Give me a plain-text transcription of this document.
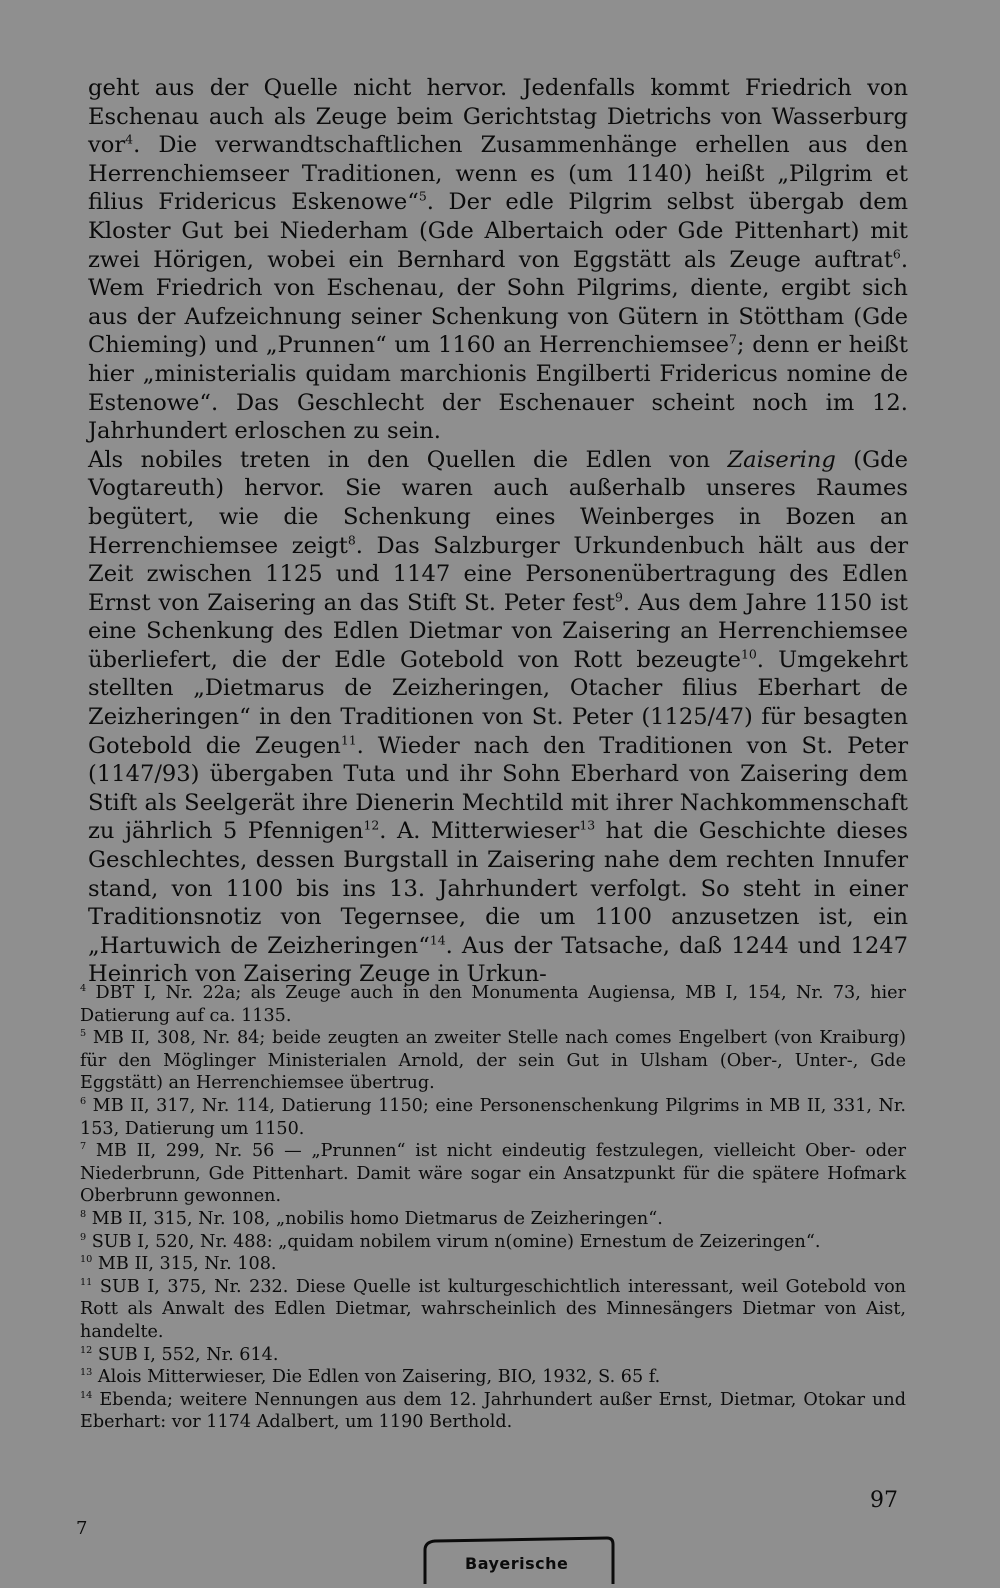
geht aus der Quelle nicht hervor. Jedenfalls kommt Friedrich von Eschenau auch als Zeuge beim Gerichtstag Dietrichs von Wasserburg vor$^4$. Die verwandtschaftlichen Zusammenhänge erhellen aus den Herrenchiemseer Traditionen, wenn es (um 1140) heißt „Pilgrim et filius Fridericus Eskenowe“$^5$. Der edle Pilgrim selbst übergab dem Kloster Gut bei Niederham (Gde Albertaich oder Gde Pittenhart) mit zwei Hörigen, wobei ein Bernhard von Eggstätt als Zeuge auftrat$^6$. Wem Friedrich von Eschenau, der Sohn Pilgrims, diente, ergibt sich aus der Aufzeichnung seiner Schenkung von Gütern in Stöttham (Gde Chieming) und „Prunnen“ um 1160 an Herrenchiemsee$^7$; denn er heißt hier „ministerialis quidam marchionis Engilberti Fridericus nomine de Estenowe“. Das Geschlecht der Eschenauer scheint noch im 12. Jahrhundert erloschen zu sein.

Als nobiles treten in den Quellen die Edlen von Zaisering (Gde Vogtareuth) hervor. Sie waren auch außerhalb unseres Raumes begütert, wie die Schenkung eines Weinberges in Bozen an Herrenchiemsee zeigt$^8$. Das Salzburger Urkundenbuch hält aus der Zeit zwischen 1125 und 1147 eine Personenübertragung des Edlen Ernst von Zaisering an das Stift St. Peter fest$^9$. Aus dem Jahre 1150 ist eine Schenkung des Edlen Dietmar von Zaisering an Herrenchiemsee überliefert, die der Edle Gotebold von Rott bezeugte$^{10}$. Umgekehrt stellten „Dietmarus de Zeizheringen, Otacher filius Eberhart de Zeizheringen“ in den Traditionen von St. Peter (1125/47) für besagten Gotebold die Zeugen$^{11}$. Wieder nach den Traditionen von St. Peter (1147/93) übergaben Tuta und ihr Sohn Eberhard von Zaisering dem Stift als Seelgerät ihre Dienerin Mechtild mit ihrer Nachkommenschaft zu jährlich 5 Pfennigen$^{12}$. A. Mitterwieser$^{13}$ hat die Geschichte dieses Geschlechtes, dessen Burgstall in Zaisering nahe dem rechten Innufer stand, von 1100 bis ins 13. Jahrhundert verfolgt. So steht in einer Traditionsnotiz von Tegernsee, die um 1100 anzusetzen ist, ein „Hartuwich de Zeizheringen“$^{14}$. Aus der Tatsache, daß 1244 und 1247 Heinrich von Zaisering Zeuge in Urkun-

$^4$ DBT I, Nr. 22a; als Zeuge auch in den Monumenta Augiensa, MB I, 154, Nr. 73, hier Datierung auf ca. 1135.

$^5$ MB II, 308, Nr. 84; beide zeugten an zweiter Stelle nach comes Engelbert (von Kraiburg) für den Möglinger Ministerialen Arnold, der sein Gut in Ulsham (Ober-, Unter-, Gde Eggstätt) an Herrenchiemsee übertrug.

$^6$ MB II, 317, Nr. 114, Datierung 1150; eine Personenschenkung Pilgrims in MB II, 331, Nr. 153, Datierung um 1150.

$^7$ MB II, 299, Nr. 56 — „Prunnen“ ist nicht eindeutig festzulegen, vielleicht Ober- oder Niederbrunn, Gde Pittenhart. Damit wäre sogar ein Ansatzpunkt für die spätere Hofmark Oberbrunn gewonnen.

$^8$ MB II, 315, Nr. 108, „nobilis homo Dietmarus de Zeizheringen“.

$^9$ SUB I, 520, Nr. 488: „quidam nobilem virum n(omine) Ernestum de Zeizeringen“.

$^{10}$ MB II, 315, Nr. 108.

$^{11}$ SUB I, 375, Nr. 232. Diese Quelle ist kulturgeschichtlich interessant, weil Gotebold von Rott als Anwalt des Edlen Dietmar, wahrscheinlich des Minnesängers Dietmar von Aist, handelte.

$^{12}$ SUB I, 552, Nr. 614.

$^{13}$ Alois Mitterwieser, Die Edlen von Zaisering, BIO, 1932, S. 65 f.

$^{14}$ Ebenda; weitere Nennungen aus dem 12. Jahrhundert außer Ernst, Dietmar, Otokar und Eberhart: vor 1174 Adalbert, um 1190 Berthold.

97
7
Bayerische
